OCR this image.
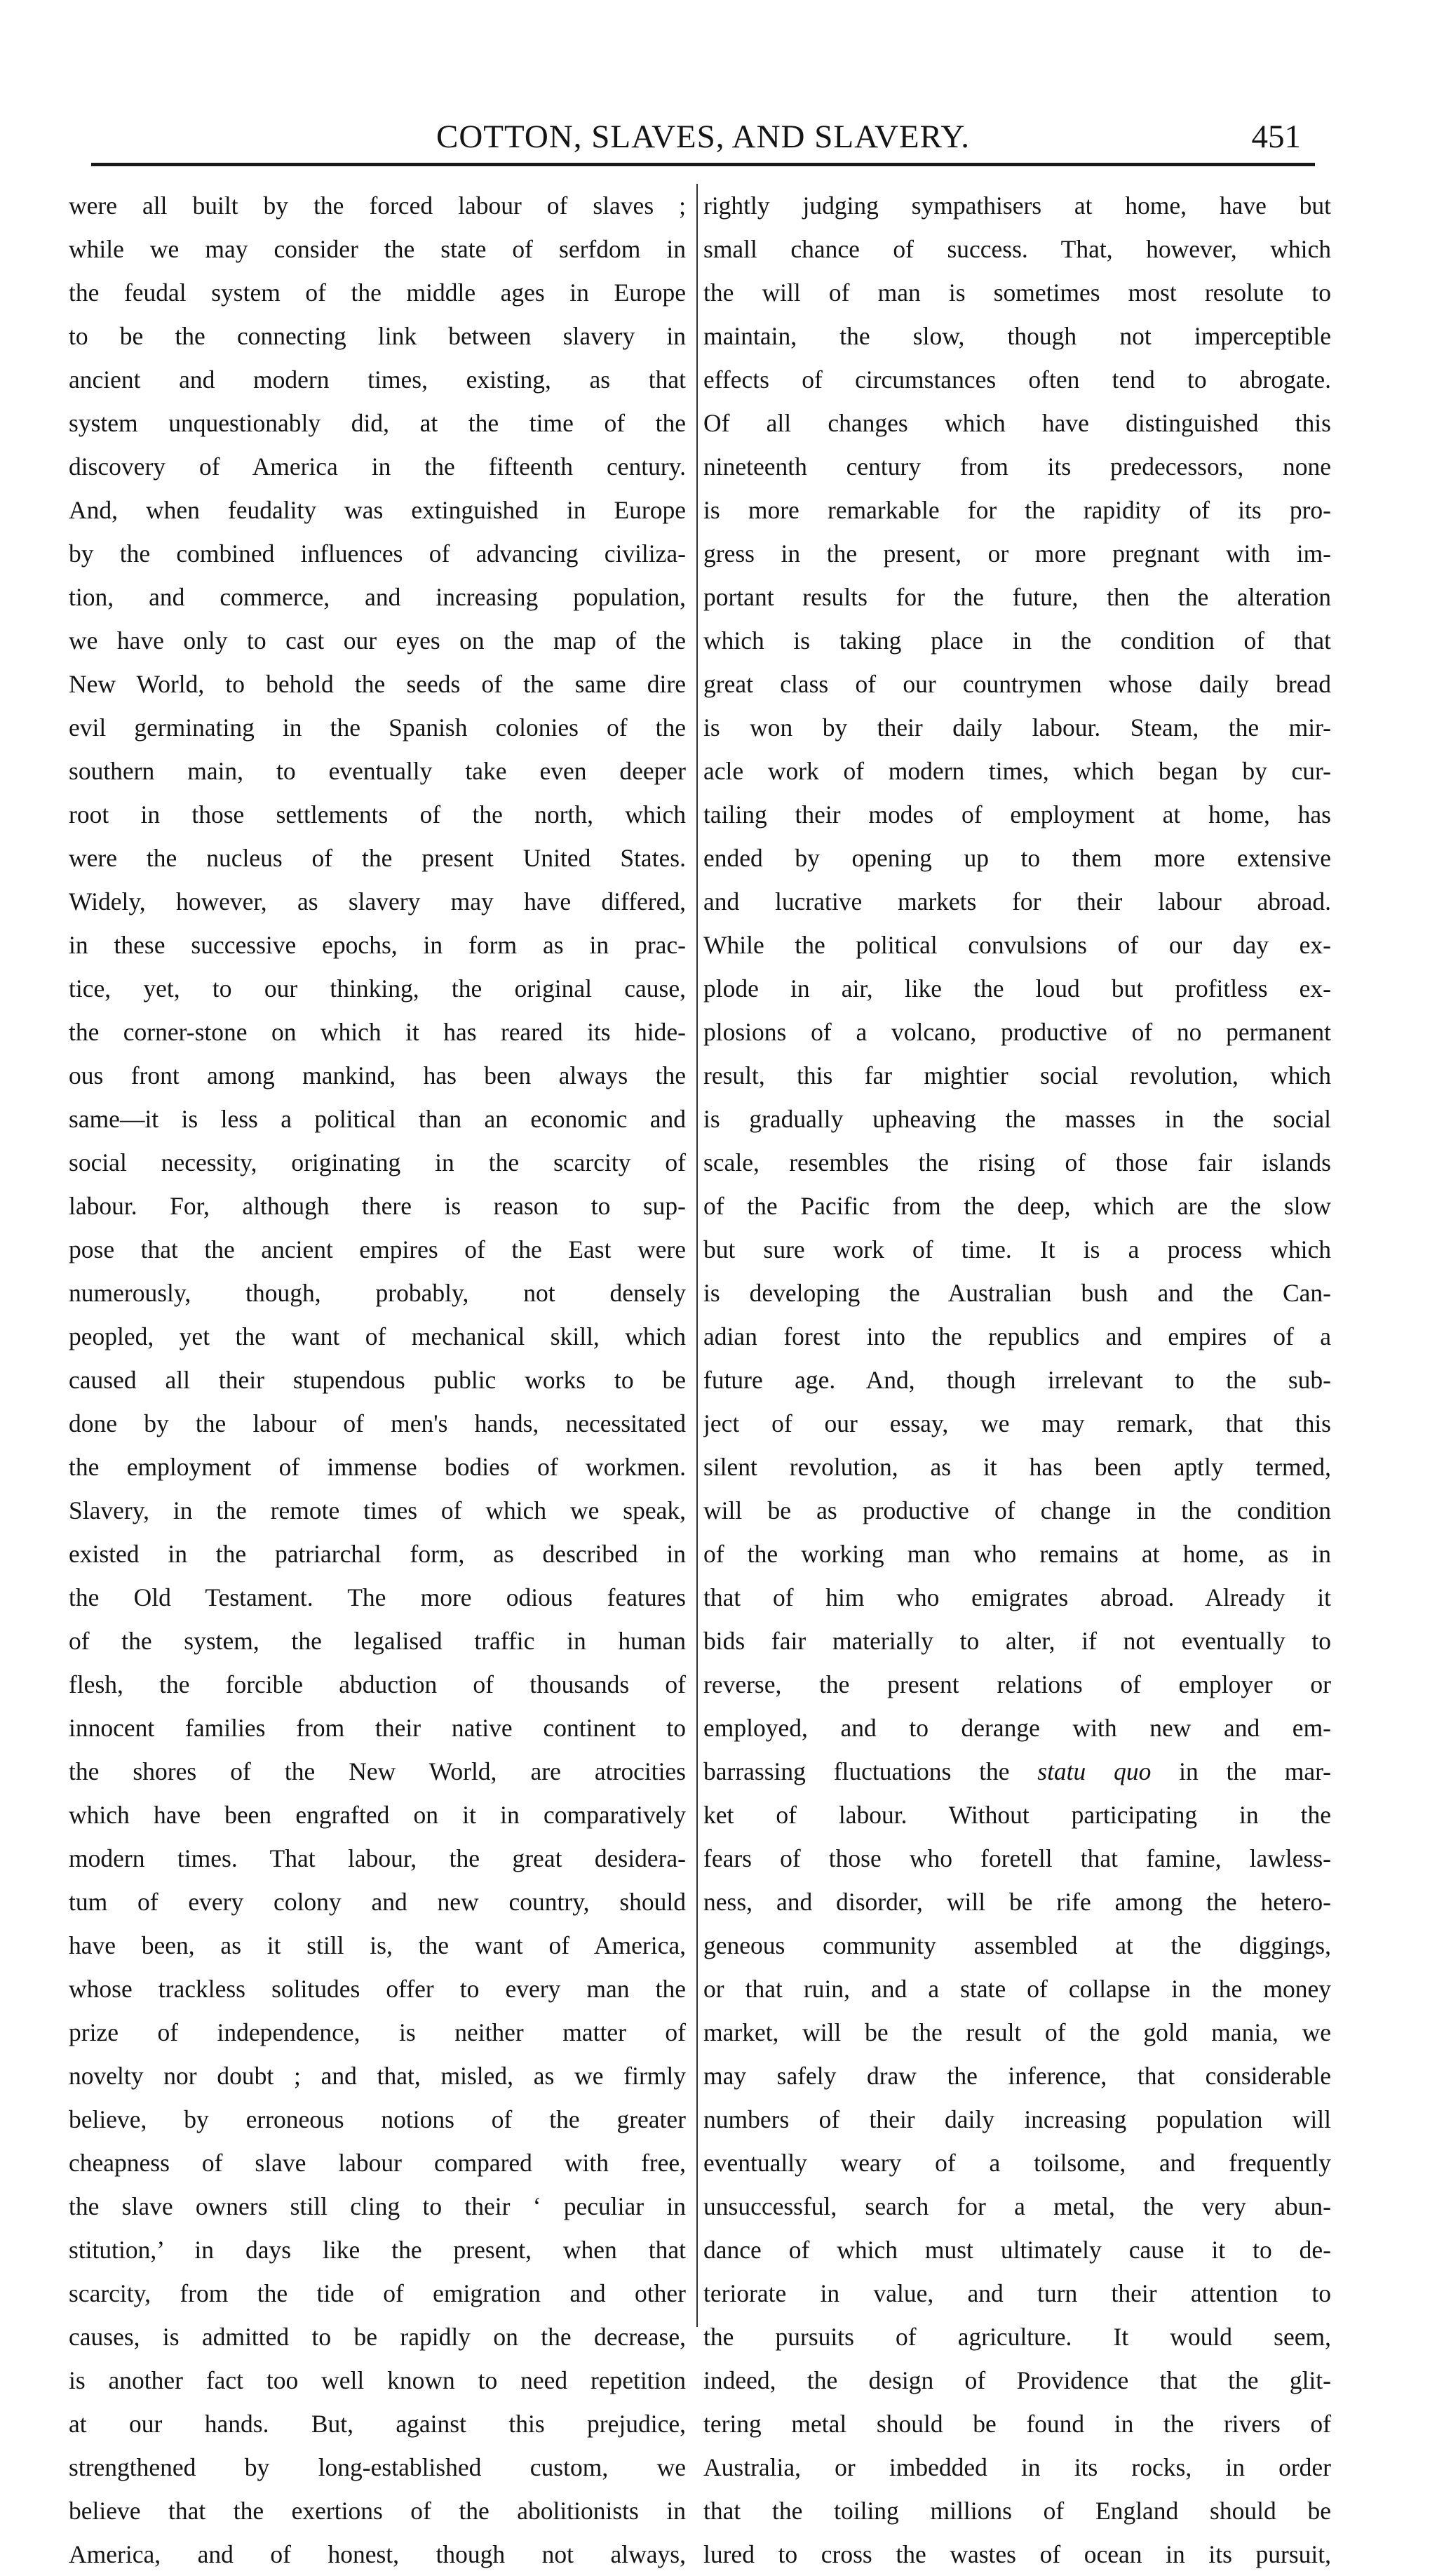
COTTON, SLAVES, AND SLAVERY.	451
were all built by the forced labour of slaves ;
while we may consider the state of serfdom in
the feudal system of the middle ages in Europe
to be the connecting link between slavery in
ancient and modern times, existing, as that
system unquestionably did, at the time of the
discovery of America in the fifteenth century.
And, when feudality was extinguished in Europe
by the combined influences of advancing civiliza-
tion, and commerce, and increasing population,
we have only to cast our eyes on the map of the
New World, to behold the seeds of the same dire
evil germinating in the Spanish colonies of the
southern main, to eventually take even deeper
root in those settlements of the north, which
were the nucleus of the present United States.
Widely, however, as slavery may have differed,
in these successive epochs, in form as in prac-
tice, yet, to our thinking, the original cause,
the corner-stone on which it has reared its hide-
ous front among mankind, has been always the
same—it is less a political than an economic and
social necessity, originating in the scarcity of
labour. For, although there is reason to sup-
pose that the ancient empires of the East were
numerously, though, probably, not densely
peopled, yet the want of mechanical skill, which
caused all their stupendous public works to be
done by the labour of men's hands, necessitated
the employment of immense bodies of workmen.
Slavery, in the remote times of which we speak,
existed in the patriarchal form, as described in
the Old Testament. The more odious features
of the system, the legalised traffic in human
flesh, the forcible abduction of thousands of
innocent families from their native continent to
the shores of the New World, are atrocities
which have been engrafted on it in comparatively
modern times. That labour, the great desidera-
tum of every colony and new country, should
have been, as it still is, the want of America,
whose trackless solitudes offer to every man the
prize of independence, is neither matter of
novelty nor doubt ; and that, misled, as we firmly
believe, by erroneous notions of the greater
cheapness of slave labour compared with free,
the slave owners still cling to their ‘ peculiar in
stitution,’ in days like the present, when that
scarcity, from the tide of emigration and other
causes, is admitted to be rapidly on the decrease,
is another fact too well known to need repetition
at our hands. But, against this prejudice,
strengthened by long-established custom, we
believe that the exertions of the abolitionists in
America, and of honest, though not always,
rightly judging sympathisers at home, have but
small chance of success. That, however, which
the will of man is sometimes most resolute to
maintain, the slow, though not imperceptible
effects of circumstances often tend to abrogate.
Of all changes which have distinguished this
nineteenth century from its predecessors, none
is more remarkable for the rapidity of its pro-
gress in the present, or more pregnant with im-
portant results for the future, then the alteration
which is taking place in the condition of that
great class of our countrymen whose daily bread
is won by their daily labour. Steam, the mir-
acle work of modern times, which began by cur-
tailing their modes of employment at home, has
ended by opening up to them more extensive
and lucrative markets for their labour abroad.
While the political convulsions of our day ex-
plode in air, like the loud but profitless ex-
plosions of a volcano, productive of no permanent
result, this far mightier social revolution, which
is gradually upheaving the masses in the social
scale, resembles the rising of those fair islands
of the Pacific from the deep, which are the slow
but sure work of time. It is a process which
is developing the Australian bush and the Can-
adian forest into the republics and empires of a
future age. And, though irrelevant to the sub-
ject of our essay, we may remark, that this
silent revolution, as it has been aptly termed,
will be as productive of change in the condition
of the working man who remains at home, as in
that of him who emigrates abroad. Already it
bids fair materially to alter, if not eventually to
reverse, the present relations of employer or
employed, and to derange with new and em-
barrassing fluctuations the statu quo in the mar-
ket of labour. Without participating in the
fears of those who foretell that famine, lawless-
ness, and disorder, will be rife among the hetero-
geneous community assembled at the diggings,
or that ruin, and a state of collapse in the money
market, will be the result of the gold mania, we
may safely draw the inference, that considerable
numbers of their daily increasing population will
eventually weary of a toilsome, and frequently
unsuccessful, search for a metal, the very abun-
dance of which must ultimately cause it to de-
teriorate in value, and turn their attention to
the pursuits of agriculture. It would seem,
indeed, the design of Providence that the glit-
tering metal should be found in the rivers of
Australia, or imbedded in its rocks, in order
that the toiling millions of England should be
lured to cross the wastes of ocean in its pursuit,
